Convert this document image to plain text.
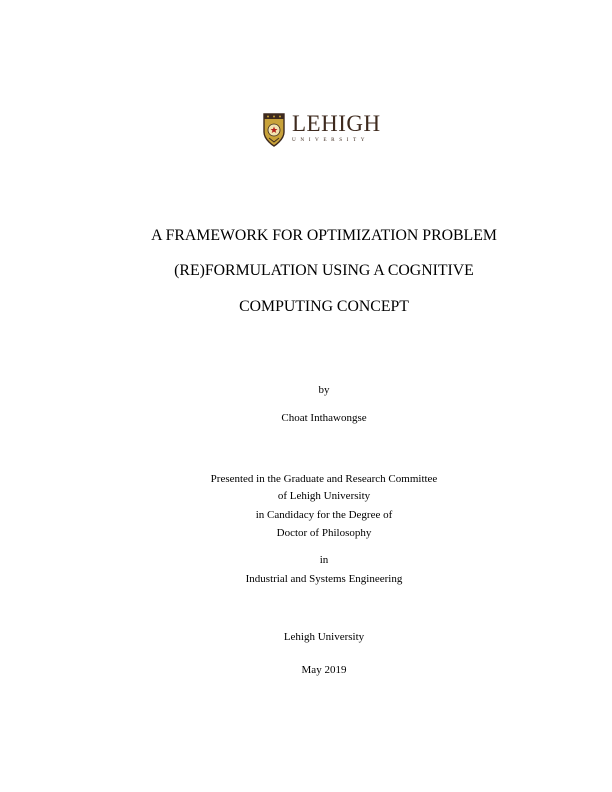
LEHIGH
UNIVERSITY
A FRAMEWORK FOR OPTIMIZATION PROBLEM
(RE)FORMULATION USING A COGNITIVE
COMPUTING CONCEPT
by
Choat Inthawongse
Presented in the Graduate and Research Committee
of Lehigh University
in Candidacy for the Degree of
Doctor of Philosophy
in
Industrial and Systems Engineering
Lehigh University
May 2019
